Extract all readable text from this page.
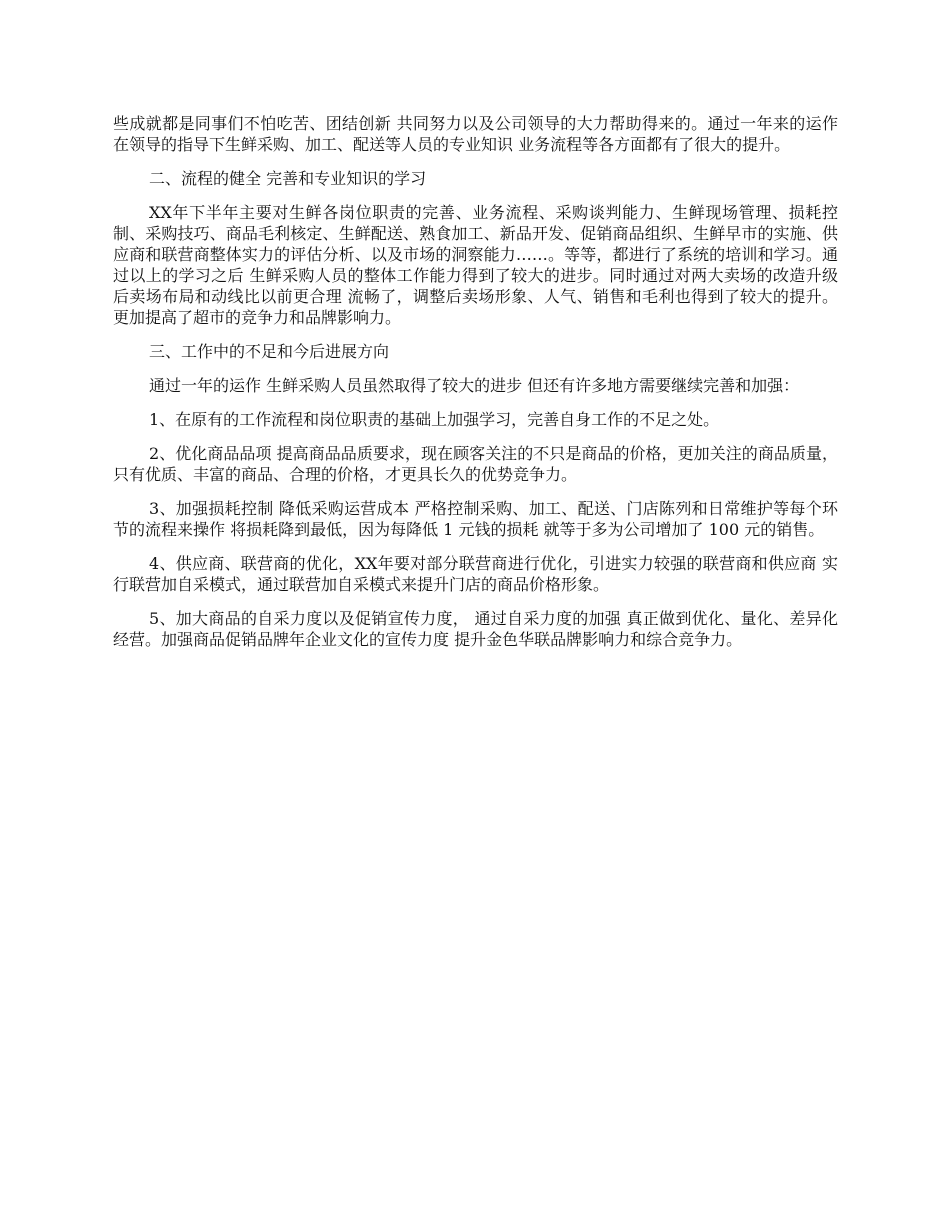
些成就都是同事们不怕吃苦、团结创新 共同努力以及公司领导的大力帮助得来的。通过一年来的运作在领导的指导下生鲜采购、加工、配送等人员的专业知识 业务流程等各方面都有了很大的提升。

二、流程的健全 完善和专业知识的学习

XX年下半年主要对生鲜各岗位职责的完善、业务流程、采购谈判能力、生鲜现场管理、损耗控制、采购技巧、商品毛利核定、生鲜配送、熟食加工、新品开发、促销商品组织、生鲜早市的实施、供应商和联营商整体实力的评估分析、以及市场的洞察能力……。等等，都进行了系统的培训和学习。通过以上的学习之后 生鲜采购人员的整体工作能力得到了较大的进步。同时通过对两大卖场的改造升级后卖场布局和动线比以前更合理 流畅了，调整后卖场形象、人气、销售和毛利也得到了较大的提升。更加提高了超市的竞争力和品牌影响力。

三、工作中的不足和今后进展方向

通过一年的运作 生鲜采购人员虽然取得了较大的进步 但还有许多地方需要继续完善和加强：

1、在原有的工作流程和岗位职责的基础上加强学习，完善自身工作的不足之处。

2、优化商品品项 提高商品品质要求，现在顾客关注的不只是商品的价格，更加关注的商品质量，只有优质、丰富的商品、合理的价格，才更具长久的优势竞争力。

3、加强损耗控制 降低采购运营成本 严格控制采购、加工、配送、门店陈列和日常维护等每个环节的流程来操作 将损耗降到最低，因为每降低 1 元钱的损耗 就等于多为公司增加了 100 元的销售。

4、供应商、联营商的优化，XX年要对部分联营商进行优化，引进实力较强的联营商和供应商 实行联营加自采模式，通过联营加自采模式来提升门店的商品价格形象。

5、加大商品的自采力度以及促销宣传力度， 通过自采力度的加强 真正做到优化、量化、差异化经营。加强商品促销品牌年企业文化的宣传力度 提升金色华联品牌影响力和综合竞争力。
